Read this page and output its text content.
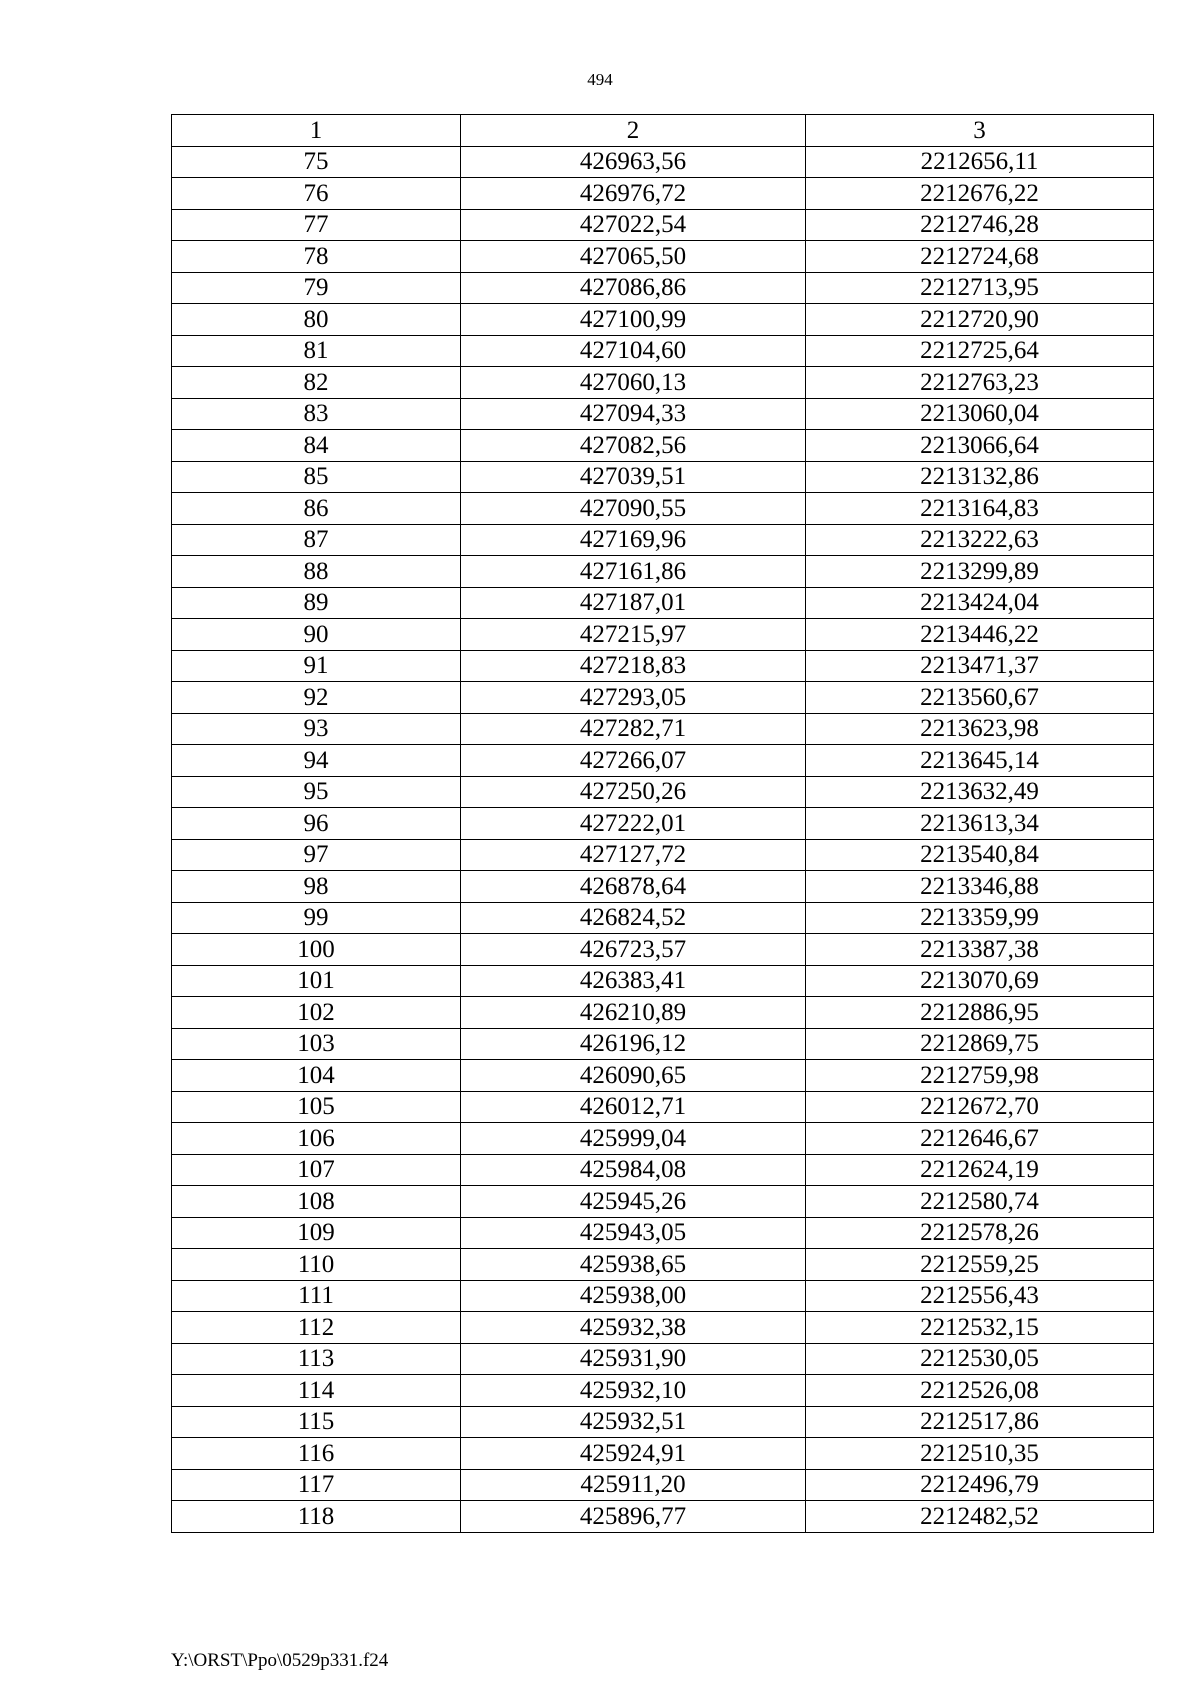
494
1	2	3
75	426963,56	2212656,11
76	426976,72	2212676,22
77	427022,54	2212746,28
78	427065,50	2212724,68
79	427086,86	2212713,95
80	427100,99	2212720,90
81	427104,60	2212725,64
82	427060,13	2212763,23
83	427094,33	2213060,04
84	427082,56	2213066,64
85	427039,51	2213132,86
86	427090,55	2213164,83
87	427169,96	2213222,63
88	427161,86	2213299,89
89	427187,01	2213424,04
90	427215,97	2213446,22
91	427218,83	2213471,37
92	427293,05	2213560,67
93	427282,71	2213623,98
94	427266,07	2213645,14
95	427250,26	2213632,49
96	427222,01	2213613,34
97	427127,72	2213540,84
98	426878,64	2213346,88
99	426824,52	2213359,99
100	426723,57	2213387,38
101	426383,41	2213070,69
102	426210,89	2212886,95
103	426196,12	2212869,75
104	426090,65	2212759,98
105	426012,71	2212672,70
106	425999,04	2212646,67
107	425984,08	2212624,19
108	425945,26	2212580,74
109	425943,05	2212578,26
110	425938,65	2212559,25
111	425938,00	2212556,43
112	425932,38	2212532,15
113	425931,90	2212530,05
114	425932,10	2212526,08
115	425932,51	2212517,86
116	425924,91	2212510,35
117	425911,20	2212496,79
118	425896,77	2212482,52
Y:\ORST\Ppo\0529p331.f24
